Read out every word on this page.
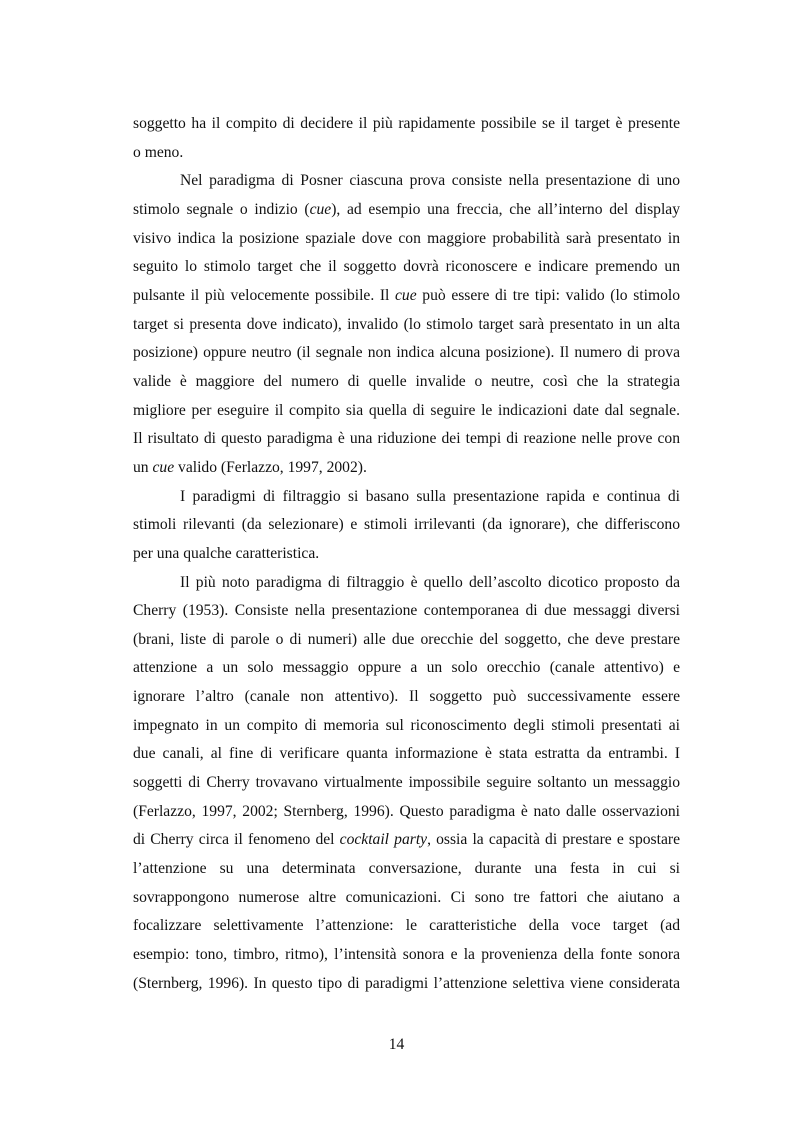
soggetto ha il compito di decidere il più rapidamente possibile se il target è presente
o meno.

Nel paradigma di Posner ciascuna prova consiste nella presentazione di uno
stimolo segnale o indizio (cue), ad esempio una freccia, che all’interno del display
visivo indica la posizione spaziale dove con maggiore probabilità sarà presentato in
seguito lo stimolo target che il soggetto dovrà riconoscere e indicare premendo un
pulsante il più velocemente possibile. Il cue può essere di tre tipi: valido (lo stimolo
target si presenta dove indicato), invalido (lo stimolo target sarà presentato in un alta
posizione) oppure neutro (il segnale non indica alcuna posizione). Il numero di prova
valide è maggiore del numero di quelle invalide o neutre, così che la strategia
migliore per eseguire il compito sia quella di seguire le indicazioni date dal segnale.
Il risultato di questo paradigma è una riduzione dei tempi di reazione nelle prove con
un cue valido (Ferlazzo, 1997, 2002).

I paradigmi di filtraggio si basano sulla presentazione rapida e continua di
stimoli rilevanti (da selezionare) e stimoli irrilevanti (da ignorare), che differiscono
per una qualche caratteristica.

Il più noto paradigma di filtraggio è quello dell’ascolto dicotico proposto da
Cherry (1953). Consiste nella presentazione contemporanea di due messaggi diversi
(brani, liste di parole o di numeri) alle due orecchie del soggetto, che deve prestare
attenzione a un solo messaggio oppure a un solo orecchio (canale attentivo) e
ignorare l’altro (canale non attentivo). Il soggetto può successivamente essere
impegnato in un compito di memoria sul riconoscimento degli stimoli presentati ai
due canali, al fine di verificare quanta informazione è stata estratta da entrambi. I
soggetti di Cherry trovavano virtualmente impossibile seguire soltanto un messaggio
(Ferlazzo, 1997, 2002; Sternberg, 1996). Questo paradigma è nato dalle osservazioni
di Cherry circa il fenomeno del cocktail party, ossia la capacità di prestare e spostare
l’attenzione su una determinata conversazione, durante una festa in cui si
sovrappongono numerose altre comunicazioni. Ci sono tre fattori che aiutano a
focalizzare selettivamente l’attenzione: le caratteristiche della voce target (ad
esempio: tono, timbro, ritmo), l’intensità sonora e la provenienza della fonte sonora
(Sternberg, 1996). In questo tipo di paradigmi l’attenzione selettiva viene considerata

14
